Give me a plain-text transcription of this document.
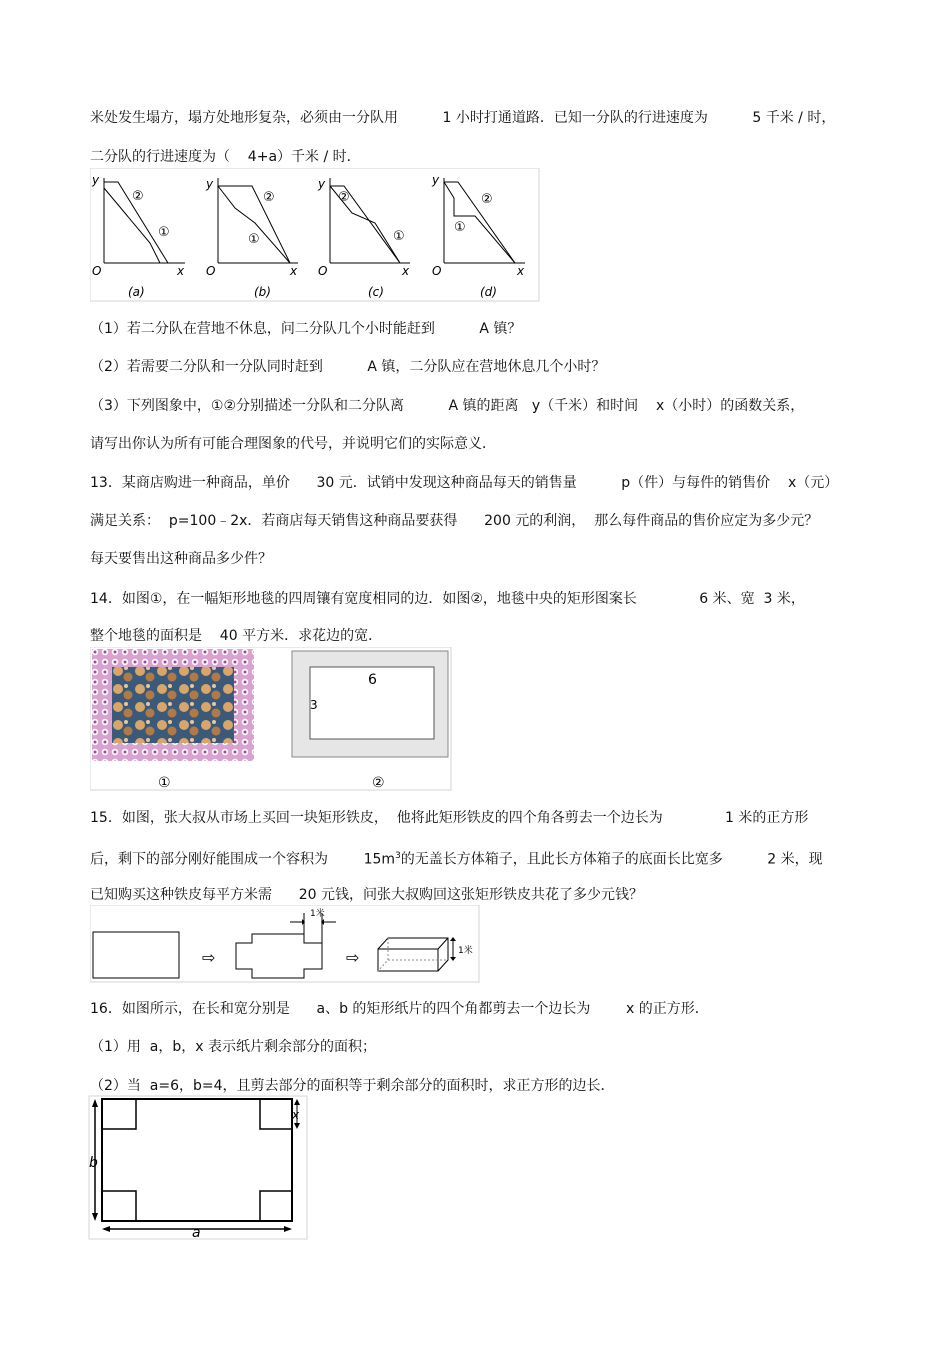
米处发生塌方，塌方处地形复杂，必须由一分队用          1 小时打通道路．已知一分队的行进速度为          5 千米 / 时，
二分队的行进速度为（    4+a）千米 / 时．
y
x
O
②
①
(a)
y
x
O
②
①
(b)
y
x
O
②
①
(c)
y
x
O
②
①
(d)
（1）若二分队在营地不休息，问二分队几个小时能赶到          A 镇？
（2）若需要二分队和一分队同时赶到          A 镇，二分队应在营地休息几个小时？
（3）下列图象中，①②分别描述一分队和二分队离          A 镇的距离   y（千米）和时间    x（小时）的函数关系，
请写出你认为所有可能合理图象的代号，并说明它们的实际意义．
13．某商店购进一种商品，单价      30 元．试销中发现这种商品每天的销售量          p（件）与每件的销售价    x（元）
满足关系：  p=100﹣2x．若商店每天销售这种商品要获得      200 元的利润，  那么每件商品的售价应定为多少元？
每天要售出这种商品多少件？
14．如图①，在一幅矩形地毯的四周镶有宽度相同的边．如图②，地毯中央的矩形图案长              6 米、宽  3 米，
整个地毯的面积是    40 平方米．求花边的宽．
①
6
3
②
15．如图，张大叔从市场上买回一块矩形铁皮，  他将此矩形铁皮的四个角各剪去一个边长为              1 米的正方形
后，剩下的部分刚好能围成一个容积为        $15m^3$的无盖长方体箱子，且此长方体箱子的底面长比宽多          2 米，现
已知购买这种铁皮每平方米需      20 元钱，问张大叔购回这张矩形铁皮共花了多少元钱？
⇨
1米
⇨	1米
16．如图所示，在长和宽分别是      a、b 的矩形纸片的四个角都剪去一个边长为        x 的正方形．
（1）用  a，b，x 表示纸片剩余部分的面积；
（2）当  a=6，b=4，且剪去部分的面积等于剩余部分的面积时，求正方形的边长．
b
a
x
